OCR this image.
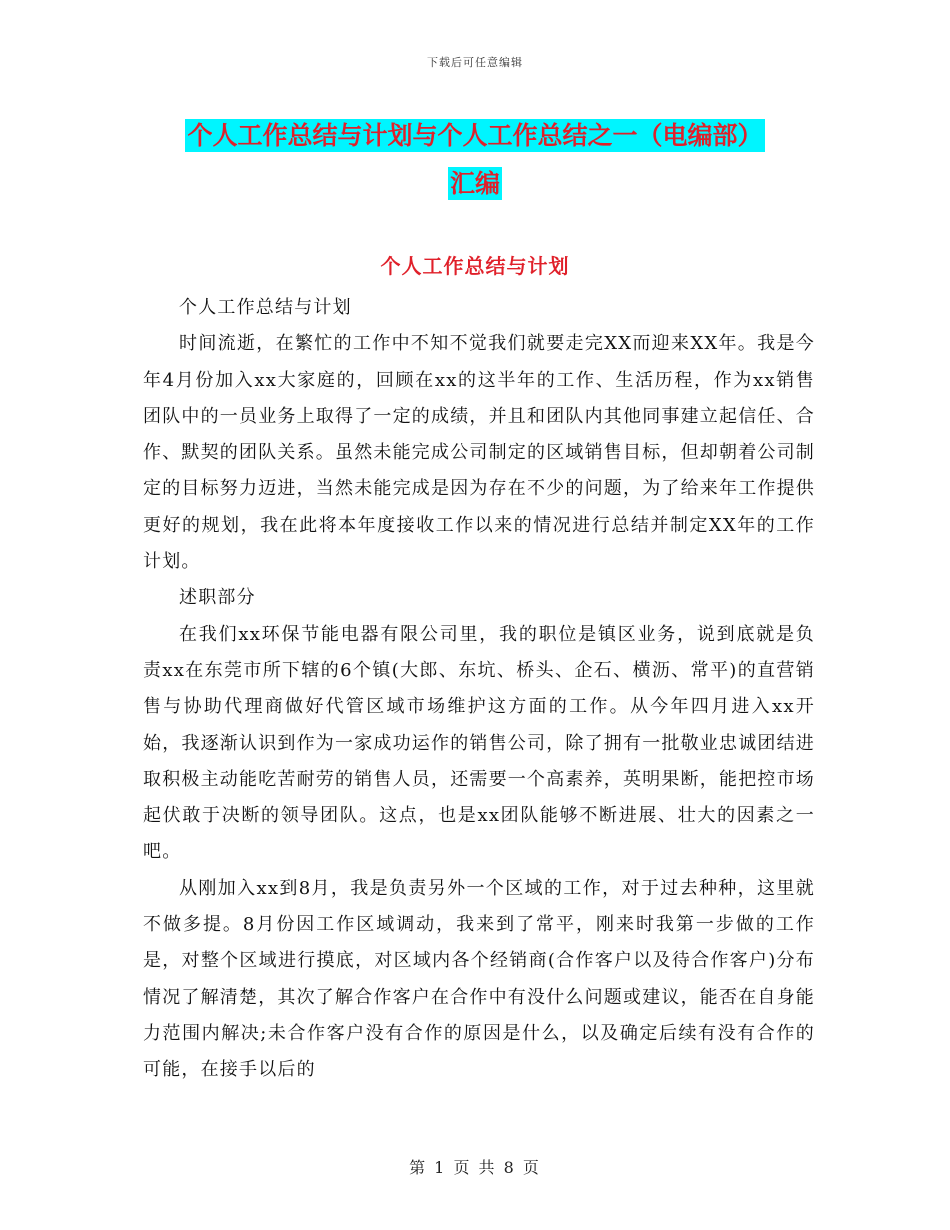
下载后可任意编辑
个人工作总结与计划与个人工作总结之一（电编部）
汇编
个人工作总结与计划

个人工作总结与计划

时间流逝，在繁忙的工作中不知不觉我们就要走完XX而迎来XX年。我是今年4月份加入xx大家庭的，回顾在xx的这半年的工作、生活历程，作为xx销售团队中的一员业务上取得了一定的成绩，并且和团队内其他同事建立起信任、合作、默契的团队关系。虽然未能完成公司制定的区域销售目标，但却朝着公司制定的目标努力迈进，当然未能完成是因为存在不少的问题，为了给来年工作提供更好的规划，我在此将本年度接收工作以来的情况进行总结并制定XX年的工作计划。

述职部分

在我们xx环保节能电器有限公司里，我的职位是镇区业务，说到底就是负责xx在东莞市所下辖的6个镇(大郎、东坑、桥头、企石、横沥、常平)的直营销售与协助代理商做好代管区域市场维护这方面的工作。从今年四月进入xx开始，我逐渐认识到作为一家成功运作的销售公司，除了拥有一批敬业忠诚团结进取积极主动能吃苦耐劳的销售人员，还需要一个高素养，英明果断，能把控市场起伏敢于决断的领导团队。这点，也是xx团队能够不断进展、壮大的因素之一吧。

从刚加入xx到8月，我是负责另外一个区域的工作，对于过去种种，这里就不做多提。8月份因工作区域调动，我来到了常平，刚来时我第一步做的工作是，对整个区域进行摸底，对区域内各个经销商(合作客户以及待合作客户)分布情况了解清楚，其次了解合作客户在合作中有没什么问题或建议，能否在自身能力范围内解决;未合作客户没有合作的原因是什么，以及确定后续有没有合作的可能，在接手以后的

第 1 页 共 8 页
